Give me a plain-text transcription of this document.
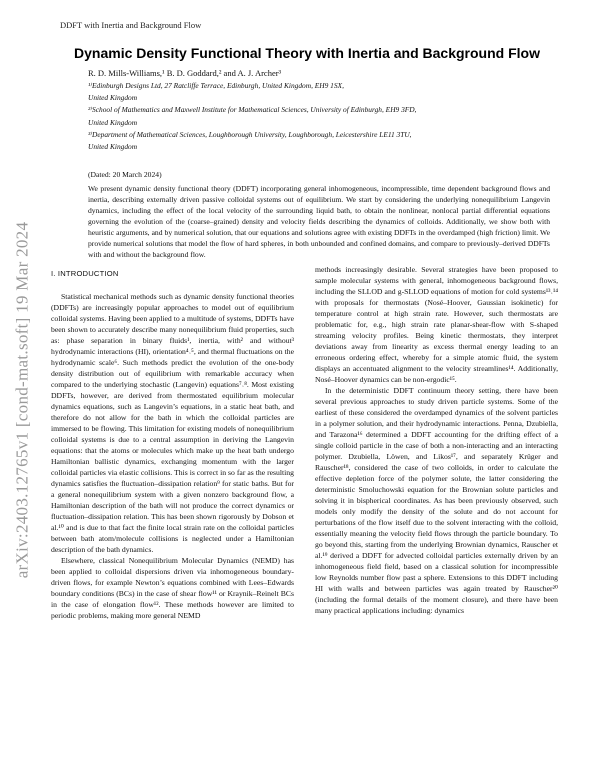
DDFT with Inertia and Background Flow
arXiv:2403.12765v1 [cond-mat.soft] 19 Mar 2024
Dynamic Density Functional Theory with Inertia and Background Flow
R. D. Mills-Williams,¹ B. D. Goddard,² and A. J. Archer³
¹⁾Edinburgh Designs Ltd, 27 Ratcliffe Terrace, Edinburgh, United Kingdom, EH9 1SX,
United Kingdom
²⁾School of Mathematics and Maxwell Institute for Mathematical Sciences, University of Edinburgh, EH9 3FD,
United Kingdom
³⁾Department of Mathematical Sciences, Loughborough University, Loughborough, Leicestershire LE11 3TU,
United Kingdom
(Dated: 20 March 2024)

We present dynamic density functional theory (DDFT) incorporating general inhomogeneous, incompressible, time dependent background flows and inertia, describing externally driven passive colloidal systems out of equilibrium. We start by considering the underlying nonequilibrium Langevin dynamics, including the effect of the local velocity of the surrounding liquid bath, to obtain the nonlinear, nonlocal partial differential equations governing the evolution of the (coarse–grained) density and velocity fields describing the dynamics of colloids. Additionally, we show both with heuristic arguments, and by numerical solution, that our equations and solutions agree with existing DDFTs in the overdamped (high friction) limit. We provide numerical solutions that model the flow of hard spheres, in both unbounded and confined domains, and compare to previously–derived DDFTs with and without the background flow.

I. INTRODUCTION

Statistical mechanical methods such as dynamic density functional theories (DDFTs) are increasingly popular approaches to model out of equilibrium colloidal systems. Having been applied to a multitude of systems, DDFTs have been shown to accurately describe many nonequilibrium fluid properties, such as: phase separation in binary fluids¹, inertia, with² and without³ hydrodynamic interactions (HI), orientation⁴˒⁵, and thermal fluctuations on the hydrodynamic scale⁶. Such methods predict the evolution of the one-body density distribution out of equilibrium with remarkable accuracy when compared to the underlying stochastic (Langevin) equations⁷˒⁸. Most existing DDFTs, however, are derived from thermostated equilibrium molecular dynamics equations, such as Langevin’s equations, in a static heat bath, and therefore do not allow for the bath in which the colloidal particles are immersed to be flowing. This limitation for existing models of nonequilibrium colloidal systems is due to a central assumption in deriving the Langevin equations: that the atoms or molecules which make up the heat bath undergo Hamiltonian ballistic dynamics, exchanging momentum with the larger colloidal particles via elastic collisions. This is correct in so far as the resulting dynamics satisfies the fluctuation–dissipation relation⁹ for static baths. But for a general nonequilibrium system with a given nonzero background flow, a Hamiltonian description of the bath will not produce the correct dynamics or fluctuation–dissipation relation. This has been shown rigorously by Dobson et al.¹⁰ and is due to that fact the finite local strain rate on the colloidal particles between bath atom/molecule collisions is neglected under a Hamiltonian description of the bath dynamics.

Elsewhere, classical Nonequilibrium Molecular Dynamics (NEMD) has been applied to colloidal dispersions driven via inhomogeneous boundary-driven flows, for example Newton’s equations combined with Lees–Edwards boundary conditions (BCs) in the case of shear flow¹¹ or Kraynik–Reinelt BCs in the case of elongation flow¹². These methods however are limited to periodic problems, making more general NEMD

methods increasingly desirable. Several strategies have been proposed to sample molecular systems with general, inhomogeneous background flows, including the SLLOD and g-SLLOD equations of motion for cold systems¹³˒¹⁴ with proposals for thermostats (Nosé–Hoover, Gaussian isokinetic) for temperature control at high strain rate. However, such thermostats are problematic for, e.g., high strain rate planar-shear-flow with S-shaped streaming velocity profiles. Being kinetic thermostats, they interpret deviations away from linearity as excess thermal energy leading to an erroneous ordering effect, whereby for a simple atomic fluid, the system displays an accentuated alignment to the velocity streamlines¹⁴. Additionally, Nosé–Hoover dynamics can be non-ergodic¹⁵.

In the deterministic DDFT continuum theory setting, there have been several previous approaches to study driven particle systems. Some of the earliest of these considered the overdamped dynamics of the solvent particles in a polymer solution, and their hydrodynamic interactions. Penna, Dzubiella, and Tarazona¹⁶ determined a DDFT accounting for the drifting effect of a single colloid particle in the case of both a non-interacting and an interacting polymer. Dzubiella, Löwen, and Likos¹⁷, and separately Krüger and Rauscher¹⁸, considered the case of two colloids, in order to calculate the effective depletion force of the polymer solute, the latter considering the deterministic Smoluchowski equation for the Brownian solute particles and solving it in bispherical coordinates. As has been previously observed, such models only modify the density of the solute and do not account for perturbations of the flow itself due to the solvent interacting with the colloid, essentially meaning the velocity field flows through the particle boundary. To go beyond this, starting from the underlying Brownian dynamics, Rauscher et al.¹⁹ derived a DDFT for advected colloidal particles externally driven by an inhomogeneous field field, based on a classical solution for incompressible low Reynolds number flow past a sphere. Extensions to this DDFT including HI with walls and between particles was again treated by Rauscher²⁰ (including the formal details of the moment closure), and there have been many practical applications including: dynamics
